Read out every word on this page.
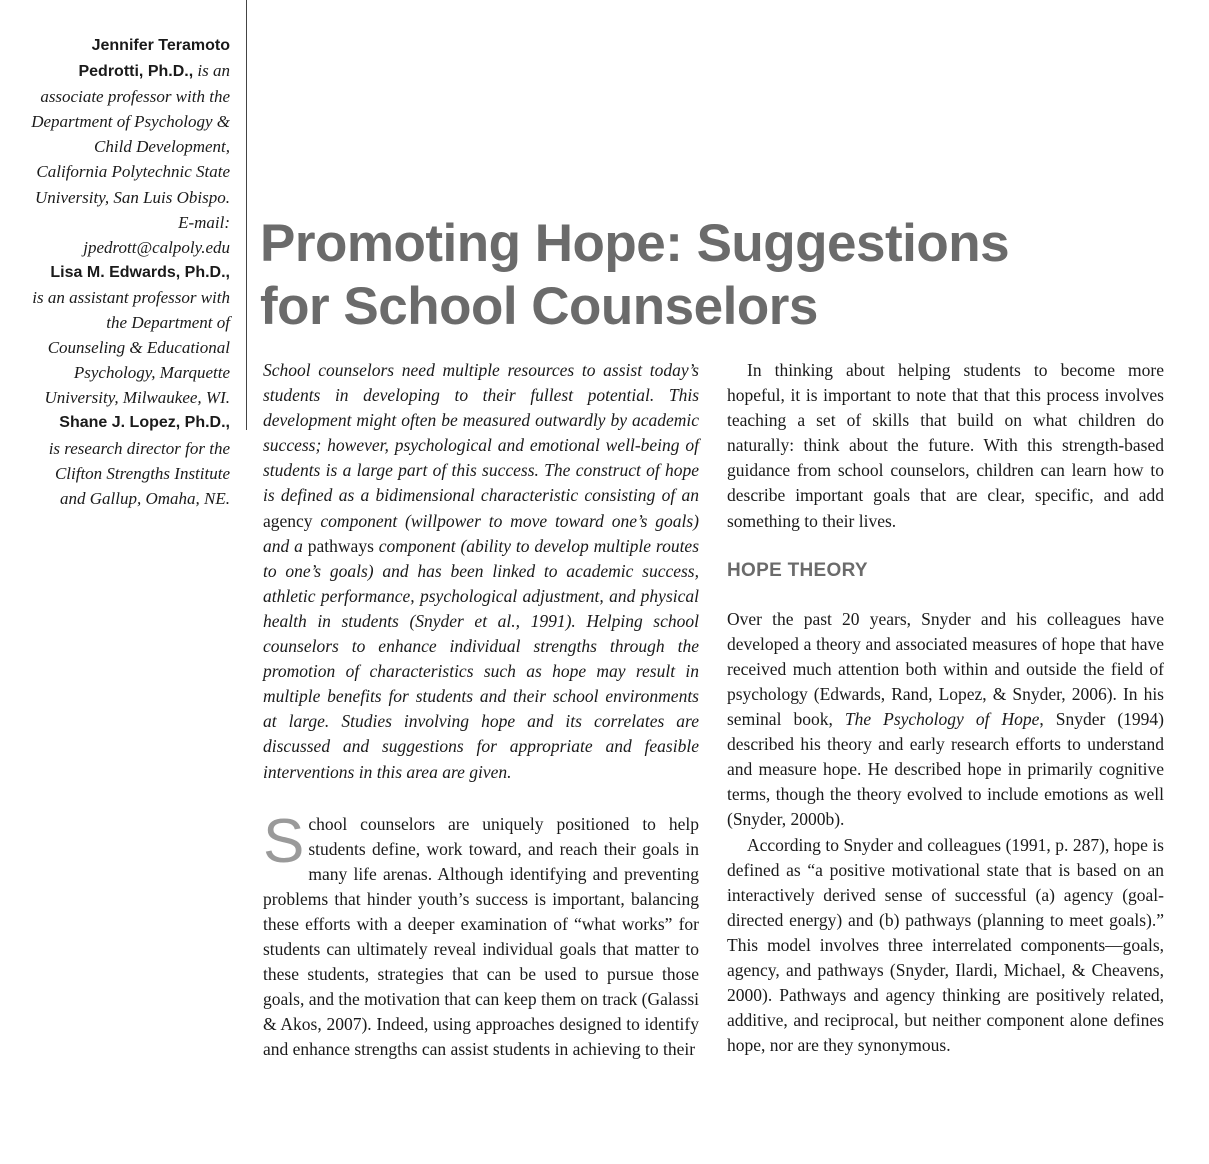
Jennifer Teramoto
Pedrotti, Ph.D., is an associate professor with the Department of Psychology & Child Development, California Polytechnic State University, San Luis Obispo. E-mail: jpedrott@calpoly.edu
Lisa M. Edwards, Ph.D.,
is an assistant professor with the Department of Counseling & Educational Psychology, Marquette University, Milwaukee, WI.
Shane J. Lopez, Ph.D.,
is research director for the Clifton Strengths Institute and Gallup, Omaha, NE.
Promoting Hope: Suggestions
for School Counselors

School counselors need multiple resources to assist today’s students in developing to their fullest potential. This development might often be measured outwardly by academic success; however, psychological and emotional well-being of students is a large part of this success. The construct of hope is defined as a bidimensional characteristic consisting of an agency component (willpower to move toward one’s goals) and a pathways component (ability to develop multiple routes to one’s goals) and has been linked to academic success, athletic performance, psychological adjustment, and physical health in students (Snyder et al., 1991). Helping school counselors to enhance individual strengths through the promotion of characteristics such as hope may result in multiple benefits for students and their school environments at large. Studies involving hope and its correlates are discussed and suggestions for appropriate and feasible interventions in this area are given.

School counselors are uniquely positioned to help students define, work toward, and reach their goals in many life arenas. Although identifying and preventing problems that hinder youth’s success is important, balancing these efforts with a deeper examination of “what works” for students can ultimately reveal individual goals that matter to these students, strategies that can be used to pursue those goals, and the motivation that can keep them on track (Galassi & Akos, 2007). Indeed, using approaches designed to identify and enhance strengths can assist students in achieving to their

In thinking about helping students to become more hopeful, it is important to note that that this process involves teaching a set of skills that build on what children do naturally: think about the future. With this strength-based guidance from school counselors, children can learn how to describe important goals that are clear, specific, and add something to their lives.

HOPE THEORY

Over the past 20 years, Snyder and his colleagues have developed a theory and associated measures of hope that have received much attention both within and outside the field of psychology (Edwards, Rand, Lopez, & Snyder, 2006). In his seminal book, The Psychology of Hope, Snyder (1994) described his theory and early research efforts to understand and measure hope. He described hope in primarily cognitive terms, though the theory evolved to include emotions as well (Snyder, 2000b).

According to Snyder and colleagues (1991, p. 287), hope is defined as “a positive motivational state that is based on an interactively derived sense of successful (a) agency (goal-directed energy) and (b) pathways (planning to meet goals).” This model involves three interrelated components—goals, agency, and pathways (Snyder, Ilardi, Michael, & Cheavens, 2000). Pathways and agency thinking are positively related, additive, and reciprocal, but neither component alone defines hope, nor are they synonymous.
